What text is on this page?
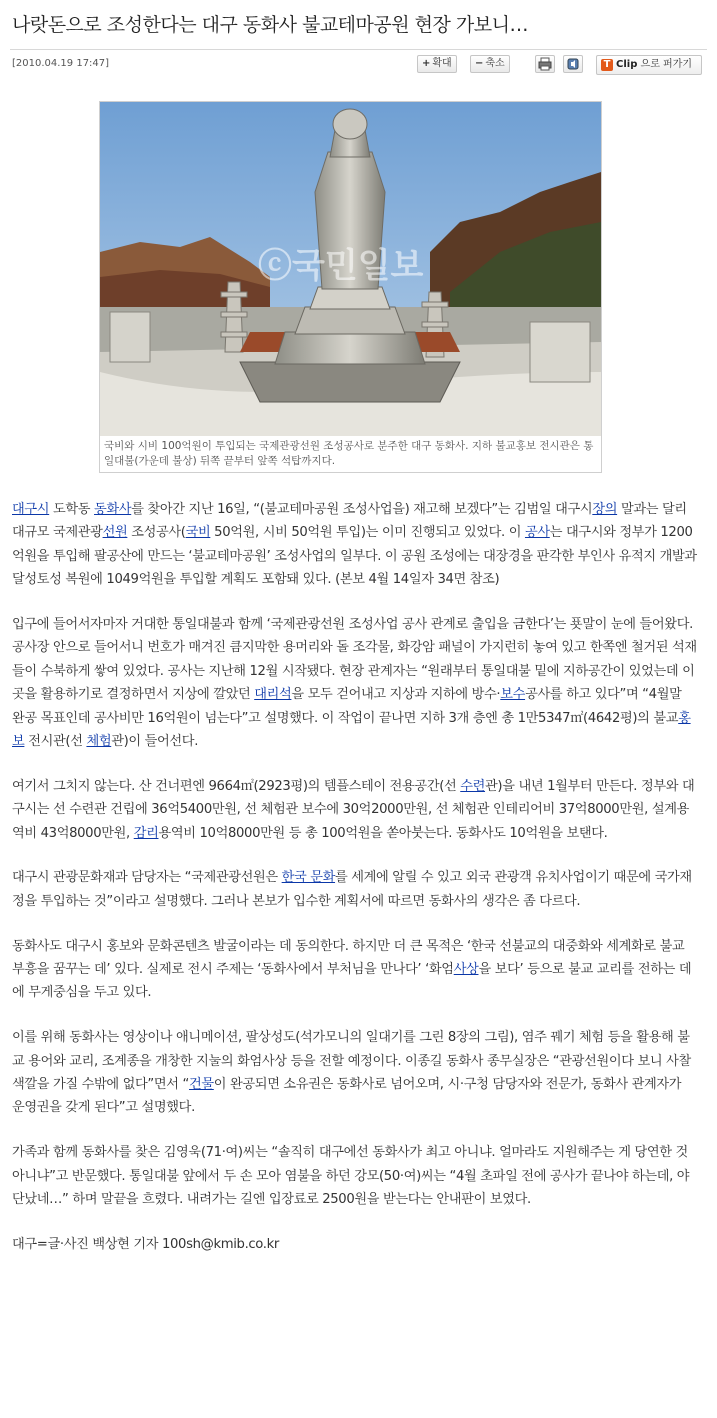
나랏돈으로 조성한다는 대구 동화사 불교테마공원 현장 가보니…
[2010.04.19 17:47]	+ 확대	− 축소	T Clip 으로 퍼가기
ⓒ국민일보
국비와 시비 100억원이 투입되는 국제관광선원 조성공사로 분주한 대구 동화사. 지하 불교홍보 전시관은 통일대불(가운데 불상) 뒤쪽 끝부터 앞쪽 석탑까지다.

대구시 도학동 동화사를 찾아간 지난 16일, “(불교테마공원 조성사업을) 재고해 보겠다”는 김범일 대구시장의 말과는 달리 대규모 국제관광선원 조성공사(국비 50억원, 시비 50억원 투입)는 이미 진행되고 있었다. 이 공사는 대구시와 정부가 1200억원을 투입해 팔공산에 만드는 ‘불교테마공원’ 조성사업의 일부다. 이 공원 조성에는 대장경을 판각한 부인사 유적지 개발과 달성토성 복원에 1049억원을 투입할 계획도 포함돼 있다. (본보 4월 14일자 34면 참조)

입구에 들어서자마자 거대한 통일대불과 함께 ‘국제관광선원 조성사업 공사 관계로 출입을 금한다’는 푯말이 눈에 들어왔다. 공사장 안으로 들어서니 번호가 매겨진 큼지막한 용머리와 돌 조각물, 화강암 패널이 가지런히 놓여 있고 한쪽엔 철거된 석재들이 수북하게 쌓여 있었다. 공사는 지난해 12월 시작됐다. 현장 관계자는 “원래부터 통일대불 밑에 지하공간이 있었는데 이곳을 활용하기로 결정하면서 지상에 깔았던 대리석을 모두 걷어내고 지상과 지하에 방수·보수공사를 하고 있다”며 “4월말 완공 목표인데 공사비만 16억원이 넘는다”고 설명했다. 이 작업이 끝나면 지하 3개 층엔 총 1만5347㎡(4642평)의 불교홍보 전시관(선 체험관)이 들어선다.

여기서 그치지 않는다. 산 건너편엔 9664㎡(2923평)의 템플스테이 전용공간(선 수련관)을 내년 1월부터 만든다. 정부와 대구시는 선 수련관 건립에 36억5400만원, 선 체험관 보수에 30억2000만원, 선 체험관 인테리어비 37억8000만원, 설계용역비 43억8000만원, 감리용역비 10억8000만원 등 총 100억원을 쏟아붓는다. 동화사도 10억원을 보탠다.

대구시 관광문화재과 담당자는 “국제관광선원은 한국 문화를 세계에 알릴 수 있고 외국 관광객 유치사업이기 때문에 국가재정을 투입하는 것”이라고 설명했다. 그러나 본보가 입수한 계획서에 따르면 동화사의 생각은 좀 다르다.

동화사도 대구시 홍보와 문화콘텐츠 발굴이라는 데 동의한다. 하지만 더 큰 목적은 ‘한국 선불교의 대중화와 세계화로 불교 부흥을 꿈꾸는 데’ 있다. 실제로 전시 주제는 ‘동화사에서 부처님을 만나다’ ‘화엄사상을 보다’ 등으로 불교 교리를 전하는 데에 무게중심을 두고 있다.

이를 위해 동화사는 영상이나 애니메이션, 팔상성도(석가모니의 일대기를 그린 8장의 그림), 염주 꿰기 체험 등을 활용해 불교 용어와 교리, 조계종을 개창한 지눌의 화엄사상 등을 전할 예정이다. 이종길 동화사 종무실장은 “관광선원이다 보니 사찰 색깔을 가질 수밖에 없다”면서 “건물이 완공되면 소유권은 동화사로 넘어오며, 시·구청 담당자와 전문가, 동화사 관계자가 운영권을 갖게 된다”고 설명했다.

가족과 함께 동화사를 찾은 김영욱(71·여)씨는 “솔직히 대구에선 동화사가 최고 아니냐. 얼마라도 지원해주는 게 당연한 것 아니냐”고 반문했다. 통일대불 앞에서 두 손 모아 염불을 하던 강모(50·여)씨는 “4월 초파일 전에 공사가 끝나야 하는데, 야단났네…” 하며 말끝을 흐렸다. 내려가는 길엔 입장료로 2500원을 받는다는 안내판이 보였다.

대구=글·사진 백상현 기자 100sh@kmib.co.kr
